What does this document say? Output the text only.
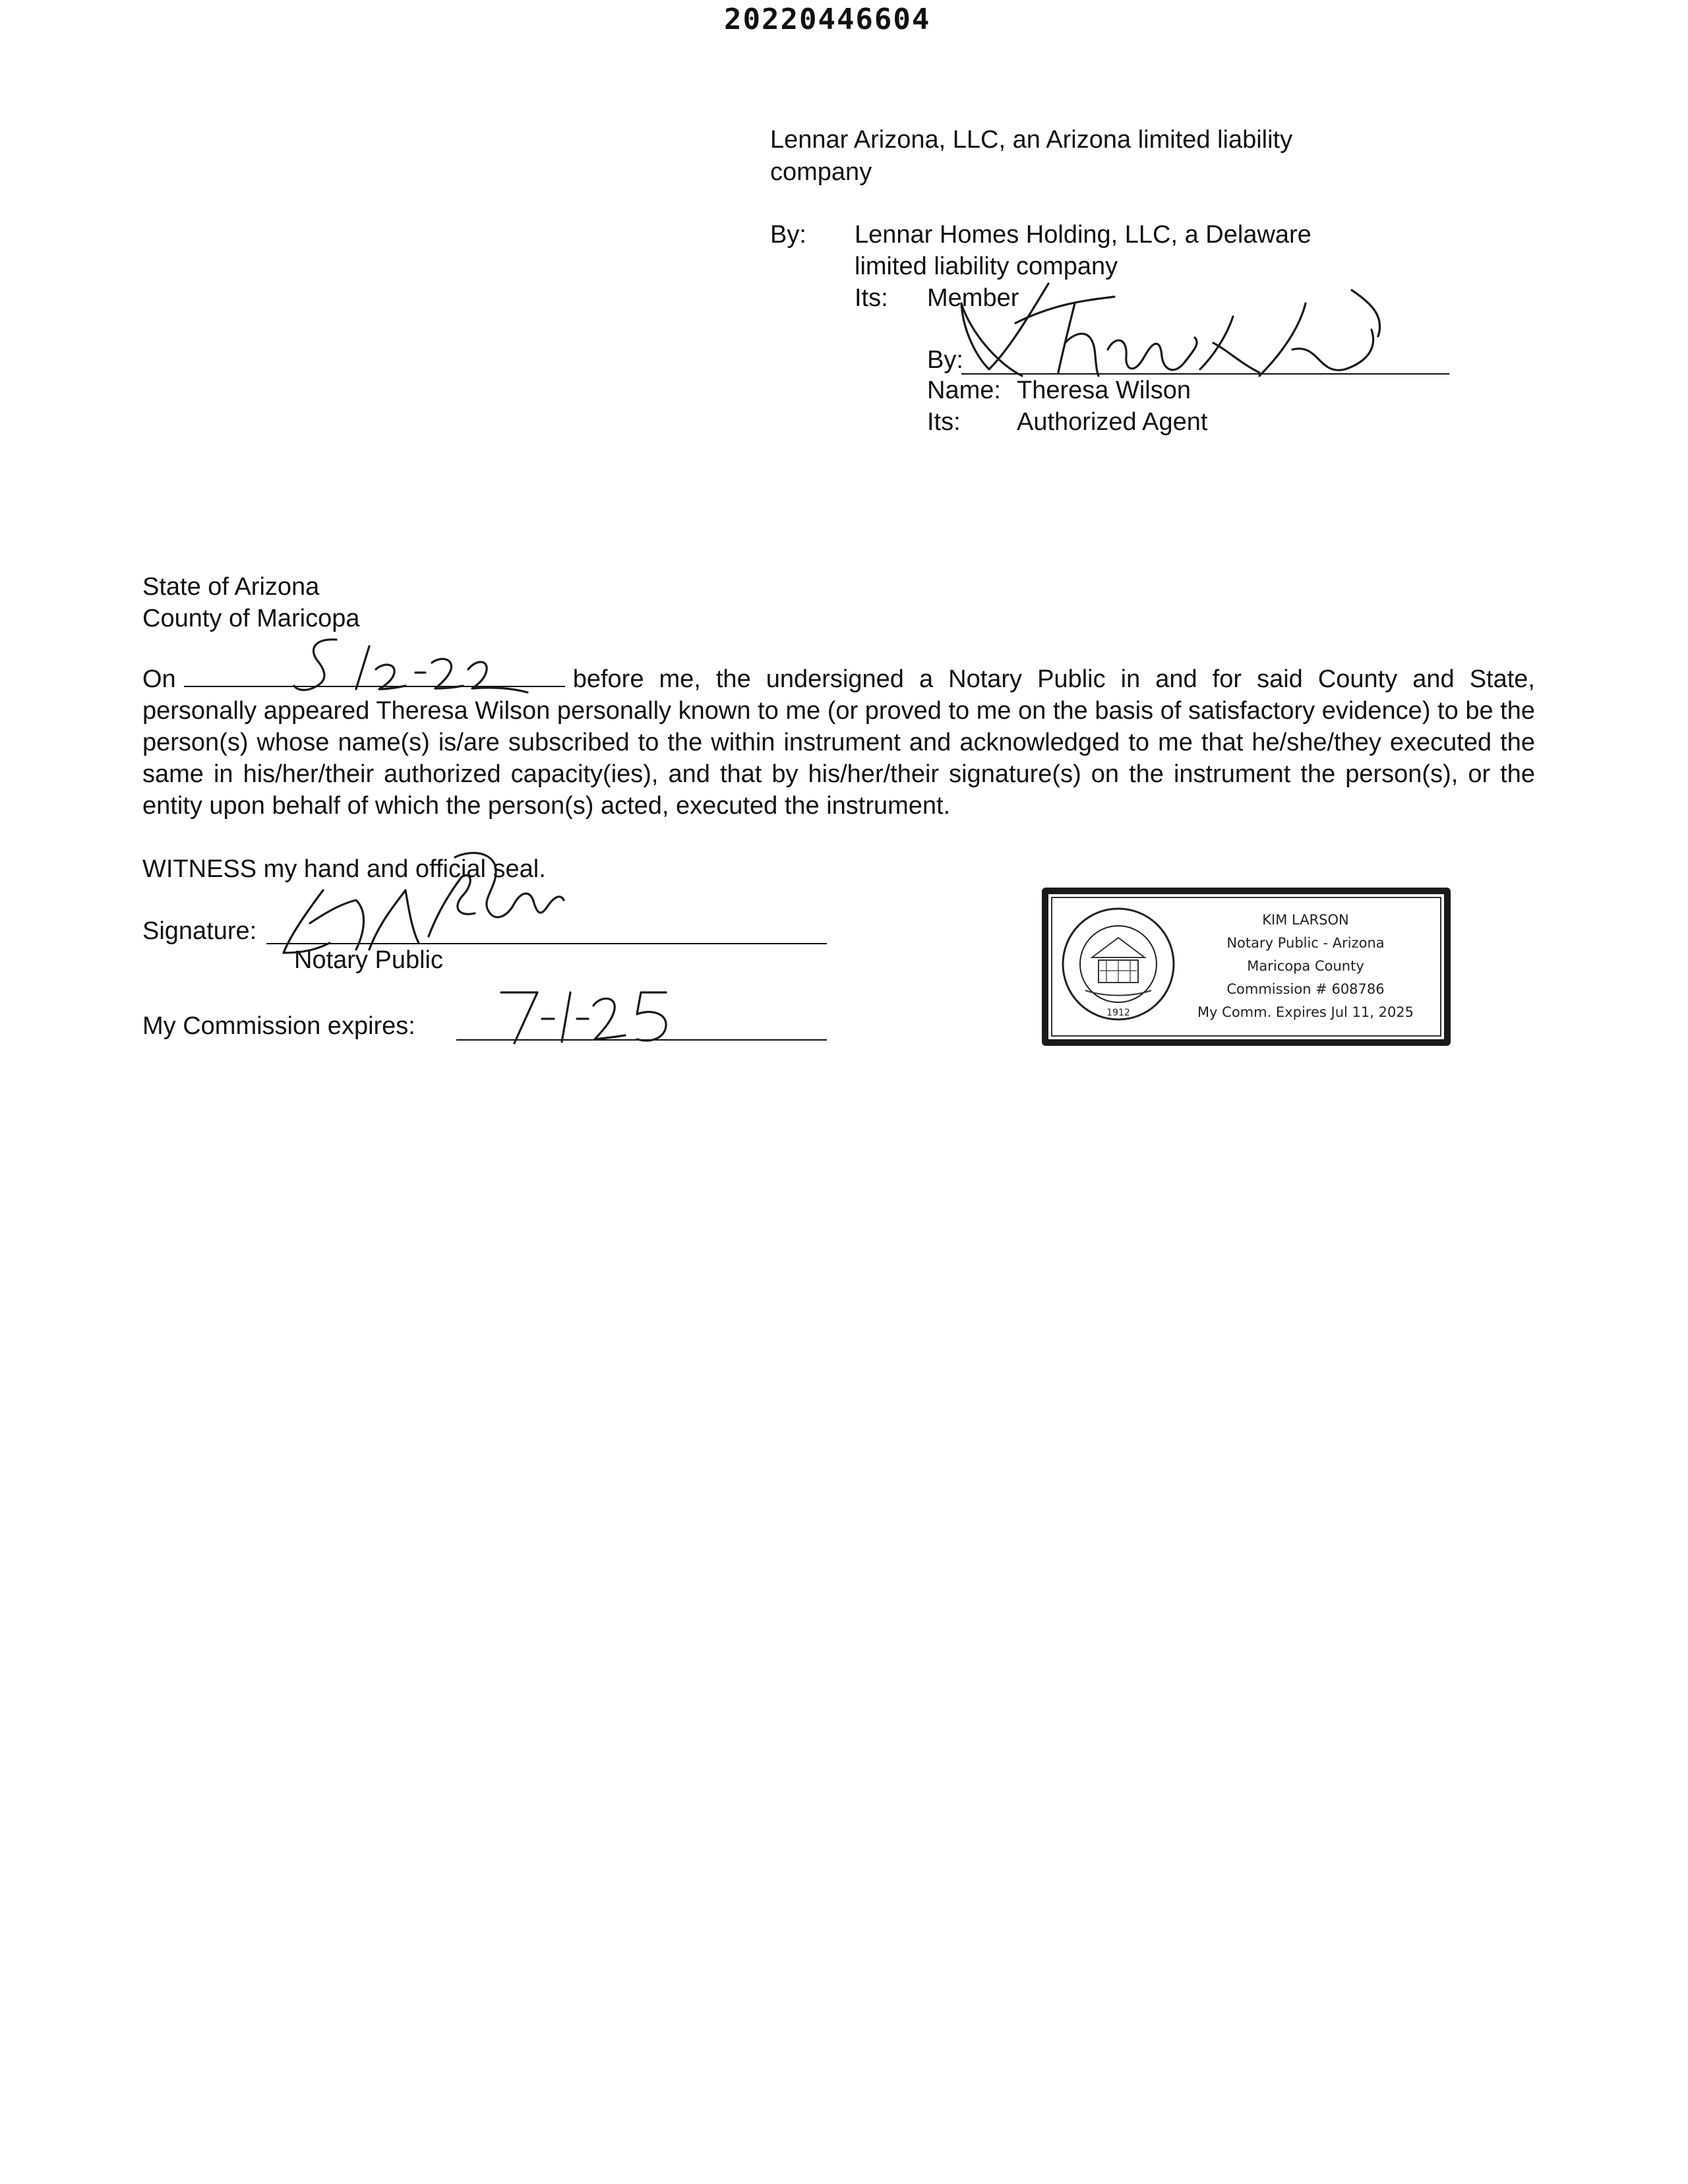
20220446604
Lennar Arizona, LLC, an Arizona limited liability
company
By: Lennar Homes Holding, LLC, a Delaware
limited liability company
Its: Member
By:
Name: Theresa Wilson
Its: Authorized Agent
State of Arizona
County of Maricopa
On	before me, the undersigned a Notary Public in and for said County and State, personally appeared Theresa Wilson personally known to me (or proved to me on the basis of satisfactory evidence) to be the person(s) whose name(s) is/are subscribed to the within instrument and acknowledged to me that he/she/they executed the same in his/her/their authorized capacity(ies), and that by his/her/their signature(s) on the instrument the person(s), or the entity upon behalf of which the person(s) acted, executed the instrument.
WITNESS my hand and official seal.
Signature:
Notary Public
My Commission expires:	1912
KIM LARSON
Notary Public - Arizona
Maricopa County
Commission # 608786
My Comm. Expires Jul 11, 2025
